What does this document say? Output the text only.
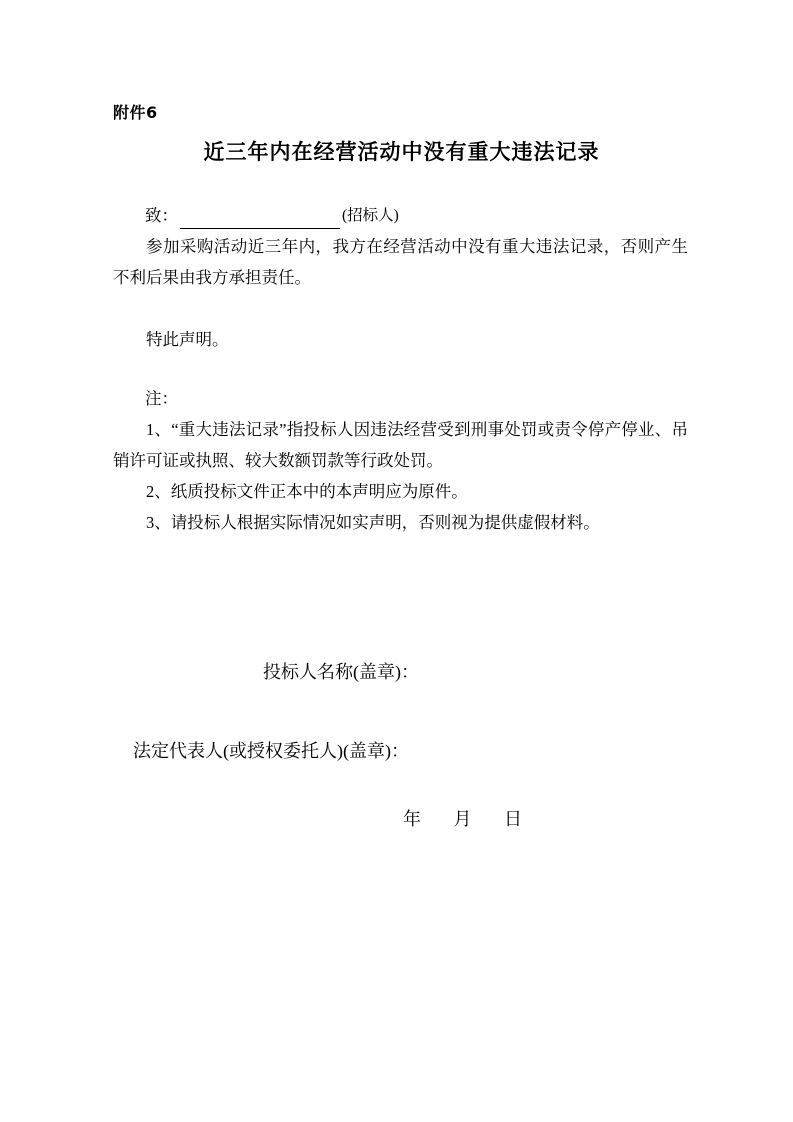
附件6
近三年内在经营活动中没有重大违法记录
致：	(招标人)

参加采购活动近三年内，我方在经营活动中没有重大违法记录，否则产生不利后果由我方承担责任。

特此声明。

注：

1、“重大违法记录”指投标人因违法经营受到刑事处罚或责令停产停业、吊销许可证或执照、较大数额罚款等行政处罚。

2、纸质投标文件正本中的本声明应为原件。

3、请投标人根据实际情况如实声明，否则视为提供虚假材料。

投标人名称(盖章)：
法定代表人(或授权委托人)(盖章)：
年 月 日
